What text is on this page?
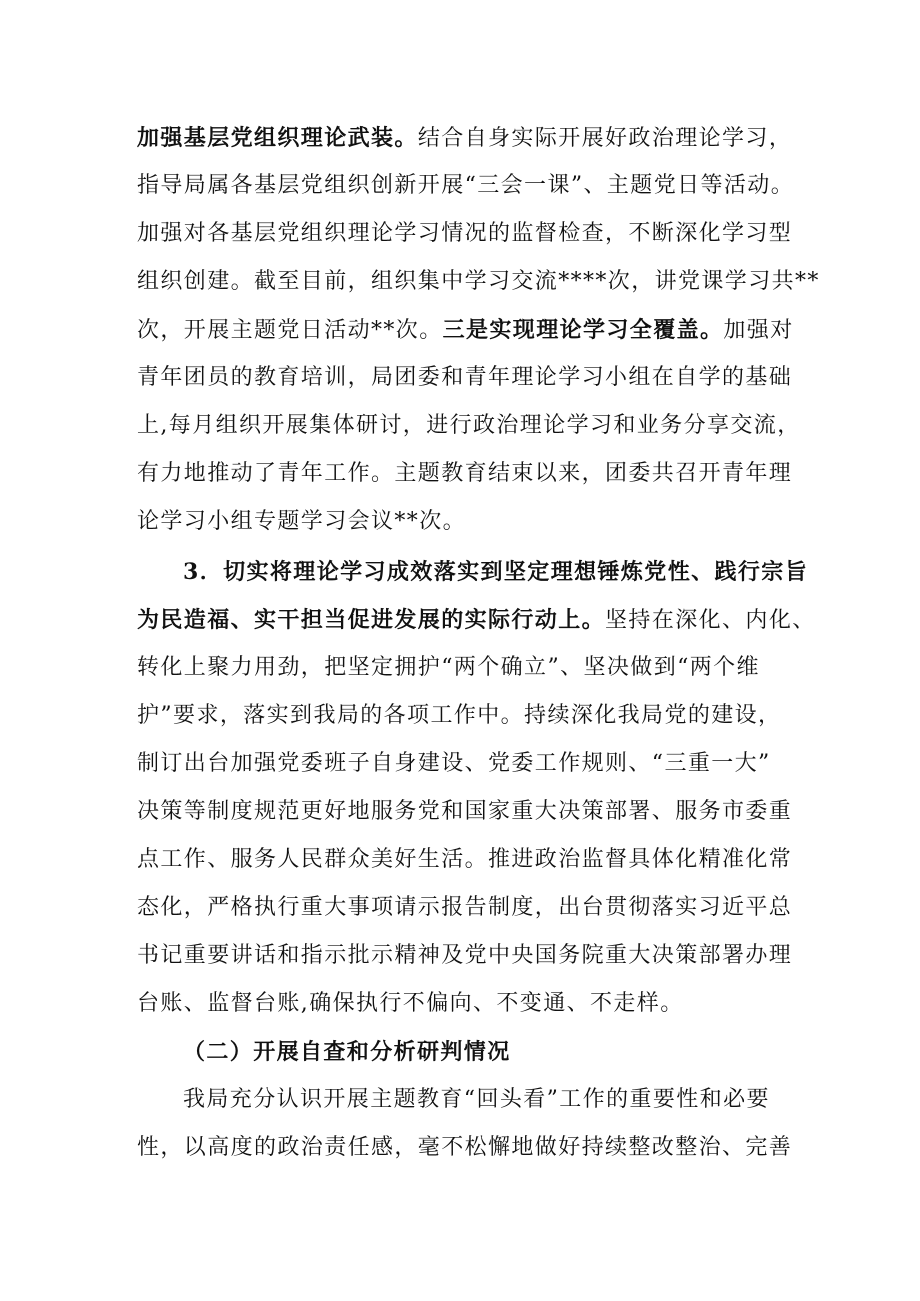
加强基层党组织理论武装。结合自身实际开展好政治理论学习，
指导局属各基层党组织创新开展“三会一课”、主题党日等活动。
加强对各基层党组织理论学习情况的监督检查，不断深化学习型
组织创建。截至目前，组织集中学习交流****次，讲党课学习共**
次，开展主题党日活动**次。三是实现理论学习全覆盖。加强对
青年团员的教育培训，局团委和青年理论学习小组在自学的基础
上,每月组织开展集体研讨，进行政治理论学习和业务分享交流，
有力地推动了青年工作。主题教育结束以来，团委共召开青年理
论学习小组专题学习会议**次。
3．切实将理论学习成效落实到坚定理想锤炼党性、践行宗旨
为民造福、实干担当促进发展的实际行动上。坚持在深化、内化、
转化上聚力用劲，把坚定拥护“两个确立”、坚决做到“两个维
护”要求，落实到我局的各项工作中。持续深化我局党的建设，
制订出台加强党委班子自身建设、党委工作规则、“三重一大”
决策等制度规范更好地服务党和国家重大决策部署、服务市委重
点工作、服务人民群众美好生活。推进政治监督具体化精准化常
态化，严格执行重大事项请示报告制度，出台贯彻落实习近平总
书记重要讲话和指示批示精神及党中央国务院重大决策部署办理
台账、监督台账,确保执行不偏向、不变通、不走样。
（二）开展自查和分析研判情况
我局充分认识开展主题教育“回头看”工作的重要性和必要
性，以高度的政治责任感，毫不松懈地做好持续整改整治、完善
